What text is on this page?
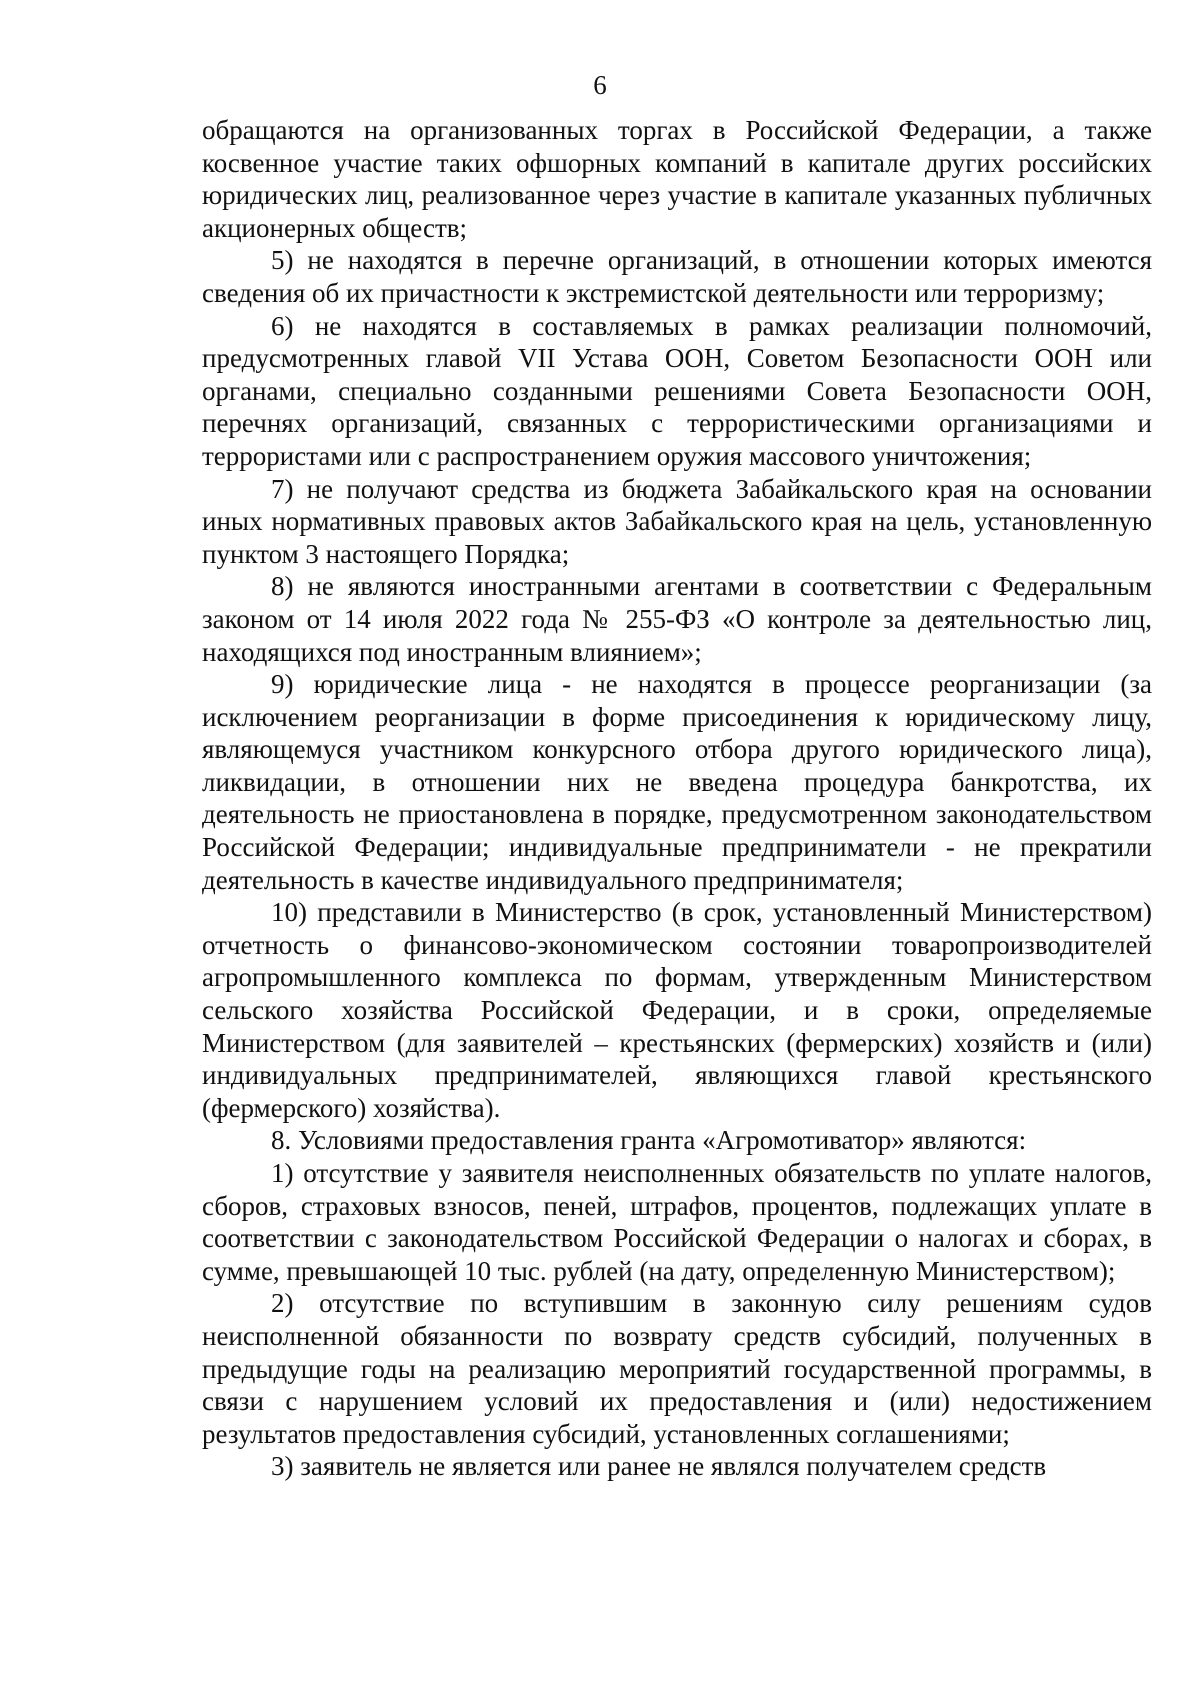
6

обращаются на организованных торгах в Российской Федерации, а также косвенное участие таких офшорных компаний в капитале других российских юридических лиц, реализованное через участие в капитале указанных публичных акционерных обществ;

5) не находятся в перечне организаций, в отношении которых имеются сведения об их причастности к экстремистской деятельности или терроризму;

6) не находятся в составляемых в рамках реализации полномочий, предусмотренных главой VII Устава ООН, Советом Безопасности ООН или органами, специально созданными решениями Совета Безопасности ООН, перечнях организаций, связанных с террористическими организациями и террористами или с распространением оружия массового уничтожения;

7) не получают средства из бюджета Забайкальского края на основании иных нормативных правовых актов Забайкальского края на цель, установленную пунктом 3 настоящего Порядка;

8) не являются иностранными агентами в соответствии с Федеральным законом от 14 июля 2022 года № 255-ФЗ «О контроле за деятельностью лиц, находящихся под иностранным влиянием»;

9) юридические лица - не находятся в процессе реорганизации (за исключением реорганизации в форме присоединения к юридическому лицу, являющемуся участником конкурсного отбора другого юридического лица), ликвидации, в отношении них не введена процедура банкротства, их деятельность не приостановлена в порядке, предусмотренном законодательством Российской Федерации; индивидуальные предприниматели - не прекратили деятельность в качестве индивидуального предпринимателя;

10) представили в Министерство (в срок, установленный Министерством) отчетность о финансово-экономическом состоянии товаропроизводителей агропромышленного комплекса по формам, утвержденным Министерством сельского хозяйства Российской Федерации, и в сроки, определяемые Министерством (для заявителей – крестьянских (фермерских) хозяйств и (или) индивидуальных предпринимателей, являющихся главой крестьянского (фермерского) хозяйства).

8. Условиями предоставления гранта «Агромотиватор» являются:

1) отсутствие у заявителя неисполненных обязательств по уплате налогов, сборов, страховых взносов, пеней, штрафов, процентов, подлежащих уплате в соответствии с законодательством Российской Федерации о налогах и сборах, в сумме, превышающей 10 тыс. рублей (на дату, определенную Министерством);

2) отсутствие по вступившим в законную силу решениям судов неисполненной обязанности по возврату средств субсидий, полученных в предыдущие годы на реализацию мероприятий государственной программы, в связи с нарушением условий их предоставления и (или) недостижением результатов предоставления субсидий, установленных соглашениями;

3) заявитель не является или ранее не являлся получателем средств
